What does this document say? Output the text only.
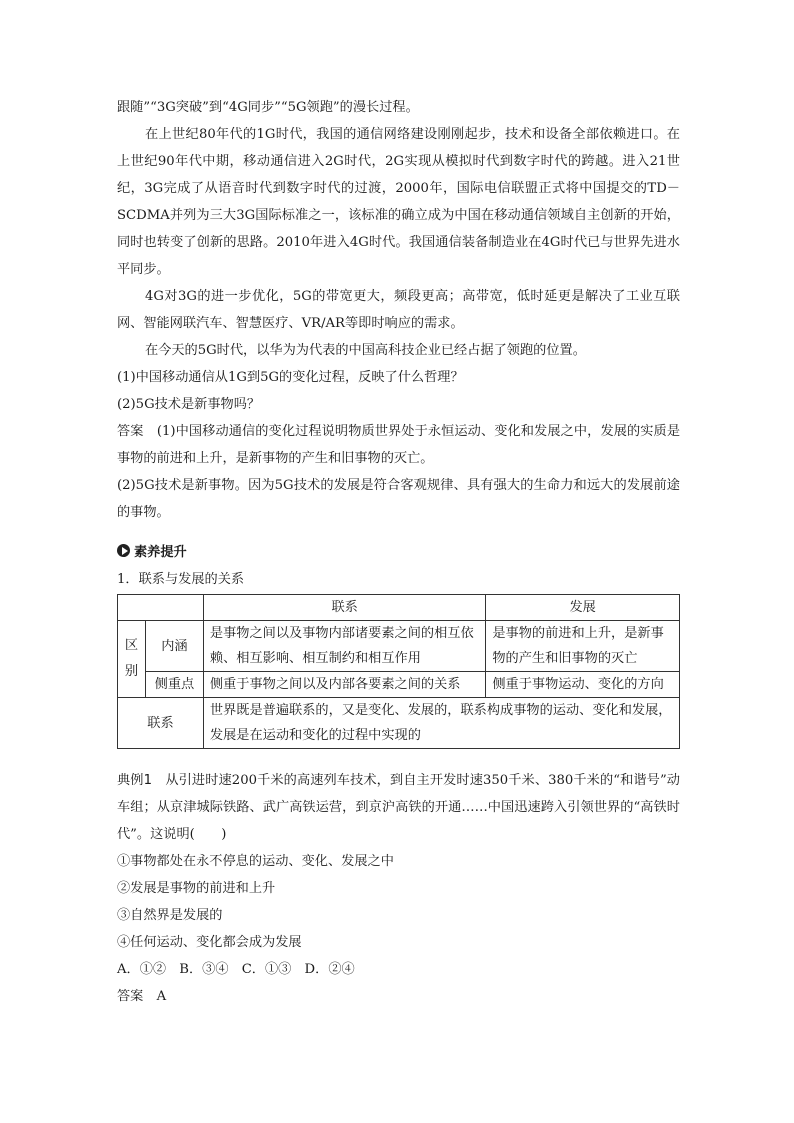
跟随”“3G突破”到“4G同步”“5G领跑”的漫长过程。

在上世纪80年代的1G时代，我国的通信网络建设刚刚起步，技术和设备全部依赖进口。在上世纪90年代中期，移动通信进入2G时代，2G实现从模拟时代到数字时代的跨越。进入21世纪，3G完成了从语音时代到数字时代的过渡，2000年，国际电信联盟正式将中国提交的TD－SCDMA并列为三大3G国际标准之一，该标准的确立成为中国在移动通信领域自主创新的开始，同时也转变了创新的思路。2010年进入4G时代。我国通信装备制造业在4G时代已与世界先进水平同步。

4G对3G的进一步优化，5G的带宽更大，频段更高；高带宽，低时延更是解决了工业互联网、智能网联汽车、智慧医疗、VR/AR等即时响应的需求。

在今天的5G时代，以华为为代表的中国高科技企业已经占据了领跑的位置。

(1)中国移动通信从1G到5G的变化过程，反映了什么哲理？

(2)5G技术是新事物吗？

答案　 (1)中国移动通信的变化过程说明物质世界处于永恒运动、变化和发展之中，发展的实质是事物的前进和上升，是新事物的产生和旧事物的灭亡。

(2)5G技术是新事物。因为5G技术的发展是符合客观规律、具有强大的生命力和远大的发展前途的事物。

素养提升

1．联系与发展的关系

		联系	发展
区别	内涵	是事物之间以及事物内部诸要素之间的相互依赖、相互影响、相互制约和相互作用	是事物的前进和上升，是新事物的产生和旧事物的灭亡
	侧重点	侧重于事物之间以及内部各要素之间的关系	侧重于事物运动、变化的方向
联系		世界既是普遍联系的，又是变化、发展的，联系构成事物的运动、变化和发展，发展是在运动和变化的过程中实现的	

典例1　 从引进时速200千米的高速列车技术，到自主开发时速350千米、380千米的“和谐号”动车组；从京津城际铁路、武广高铁运营，到京沪高铁的开通……中国迅速跨入引领世界的“高铁时代”。这说明(　　)

①事物都处在永不停息的运动、变化、发展之中

②发展是事物的前进和上升

③自然界是发展的

④任何运动、变化都会成为发展

A．①②　B．③④　C．①③　D．②④

答案　 A
